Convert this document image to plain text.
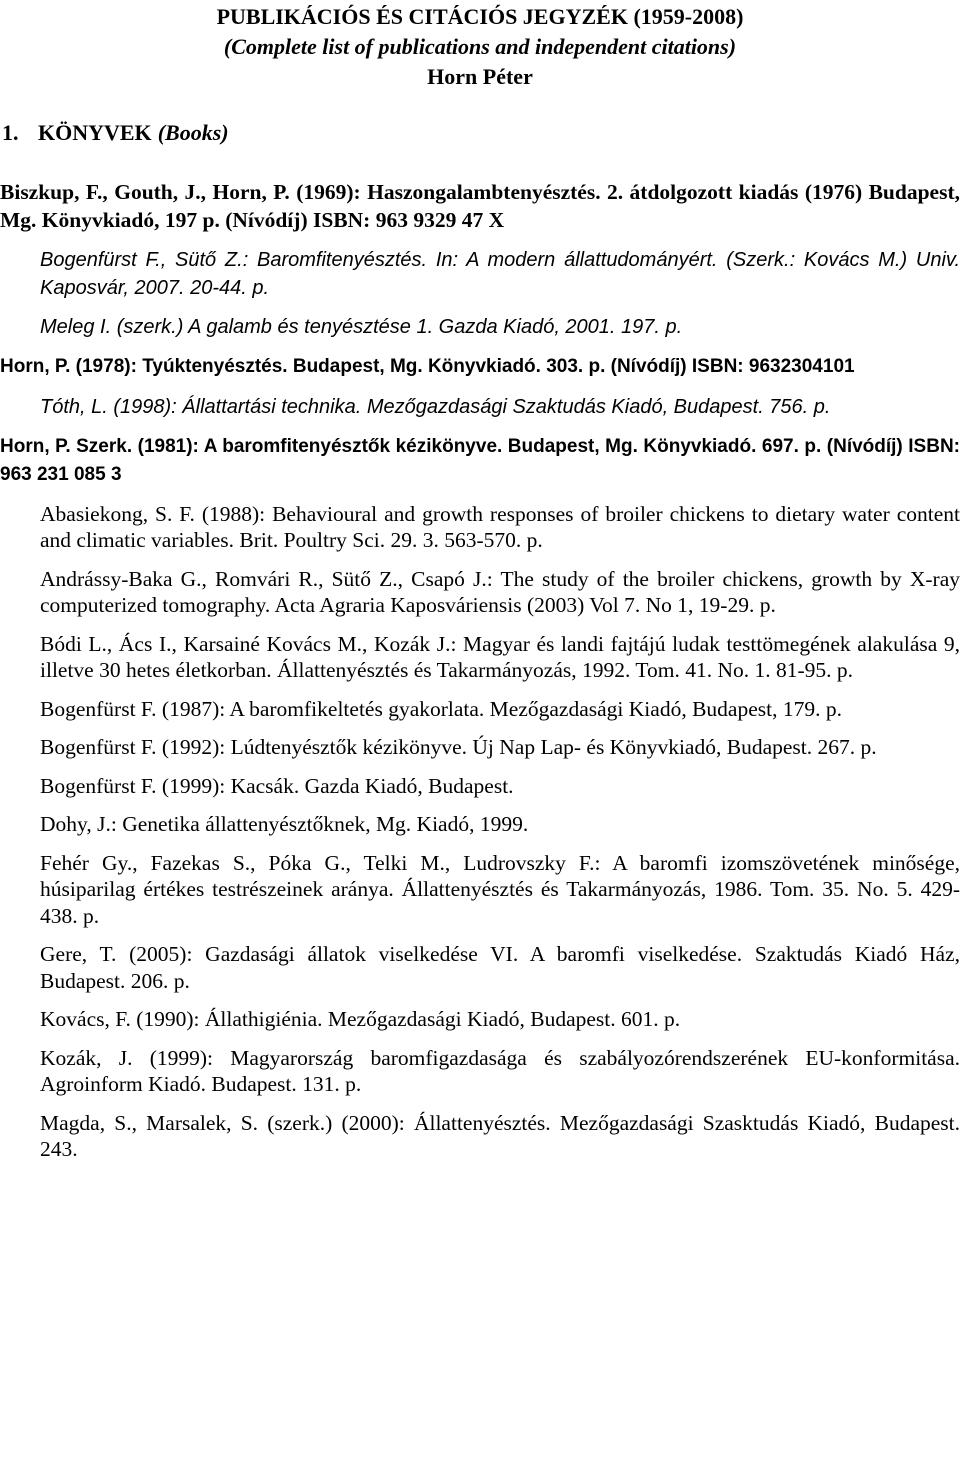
PUBLIKÁCIÓS ÉS CITÁCIÓS JEGYZÉK (1959-2008)
(Complete list of publications and independent citations)
Horn Péter
1. KÖNYVEK (Books)

Biszkup, F., Gouth, J., Horn, P. (1969): Haszongalambtenyésztés. 2. átdolgozott kiadás (1976) Budapest, Mg. Könyvkiadó, 197 p. (Nívódíj) ISBN: 963 9329 47 X

Bogenfürst F., Sütő Z.: Baromfitenyésztés. In: A modern állattudományért. (Szerk.: Kovács M.) Univ. Kaposvár, 2007. 20-44. p.

Meleg I. (szerk.) A galamb és tenyésztése 1. Gazda Kiadó, 2001. 197. p.

Horn, P. (1978): Tyúktenyésztés. Budapest, Mg. Könyvkiadó. 303. p. (Nívódíj) ISBN: 9632304101

Tóth, L. (1998): Állattartási technika. Mezőgazdasági Szaktudás Kiadó, Budapest. 756. p.

Horn, P. Szerk. (1981): A baromfitenyésztők kézikönyve. Budapest, Mg. Könyvkiadó. 697. p. (Nívódíj) ISBN: 963 231 085 3

Abasiekong, S. F. (1988): Behavioural and growth responses of broiler chickens to dietary water content and climatic variables. Brit. Poultry Sci. 29. 3. 563-570. p.

Andrássy-Baka G., Romvári R., Sütő Z., Csapó J.: The study of the broiler chickens, growth by X-ray computerized tomography. Acta Agraria Kaposváriensis (2003) Vol 7. No 1, 19-29. p.

Bódi L., Ács I., Karsainé Kovács M., Kozák J.: Magyar és landi fajtájú ludak testtömegének alakulása 9, illetve 30 hetes életkorban. Állattenyésztés és Takarmányozás, 1992. Tom. 41. No. 1. 81-95. p.

Bogenfürst F. (1987): A baromfikeltetés gyakorlata. Mezőgazdasági Kiadó, Budapest, 179. p.

Bogenfürst F. (1992): Lúdtenyésztők kézikönyve. Új Nap Lap- és Könyvkiadó, Budapest. 267. p.

Bogenfürst F. (1999): Kacsák. Gazda Kiadó, Budapest.

Dohy, J.: Genetika állattenyésztőknek, Mg. Kiadó, 1999.

Fehér Gy., Fazekas S., Póka G., Telki M., Ludrovszky F.: A baromfi izomszövetének minősége, húsiparilag értékes testrészeinek aránya. Állattenyésztés és Takarmányozás, 1986. Tom. 35. No. 5. 429-438. p.

Gere, T. (2005): Gazdasági állatok viselkedése VI. A baromfi viselkedése. Szaktudás Kiadó Ház, Budapest. 206. p.

Kovács, F. (1990): Állathigiénia. Mezőgazdasági Kiadó, Budapest. 601. p.

Kozák, J. (1999): Magyarország baromfigazdasága és szabályozórendszerének EU-konformitása. Agroinform Kiadó. Budapest. 131. p.

Magda, S., Marsalek, S. (szerk.) (2000): Állattenyésztés. Mezőgazdasági Szasktudás Kiadó, Budapest. 243.
